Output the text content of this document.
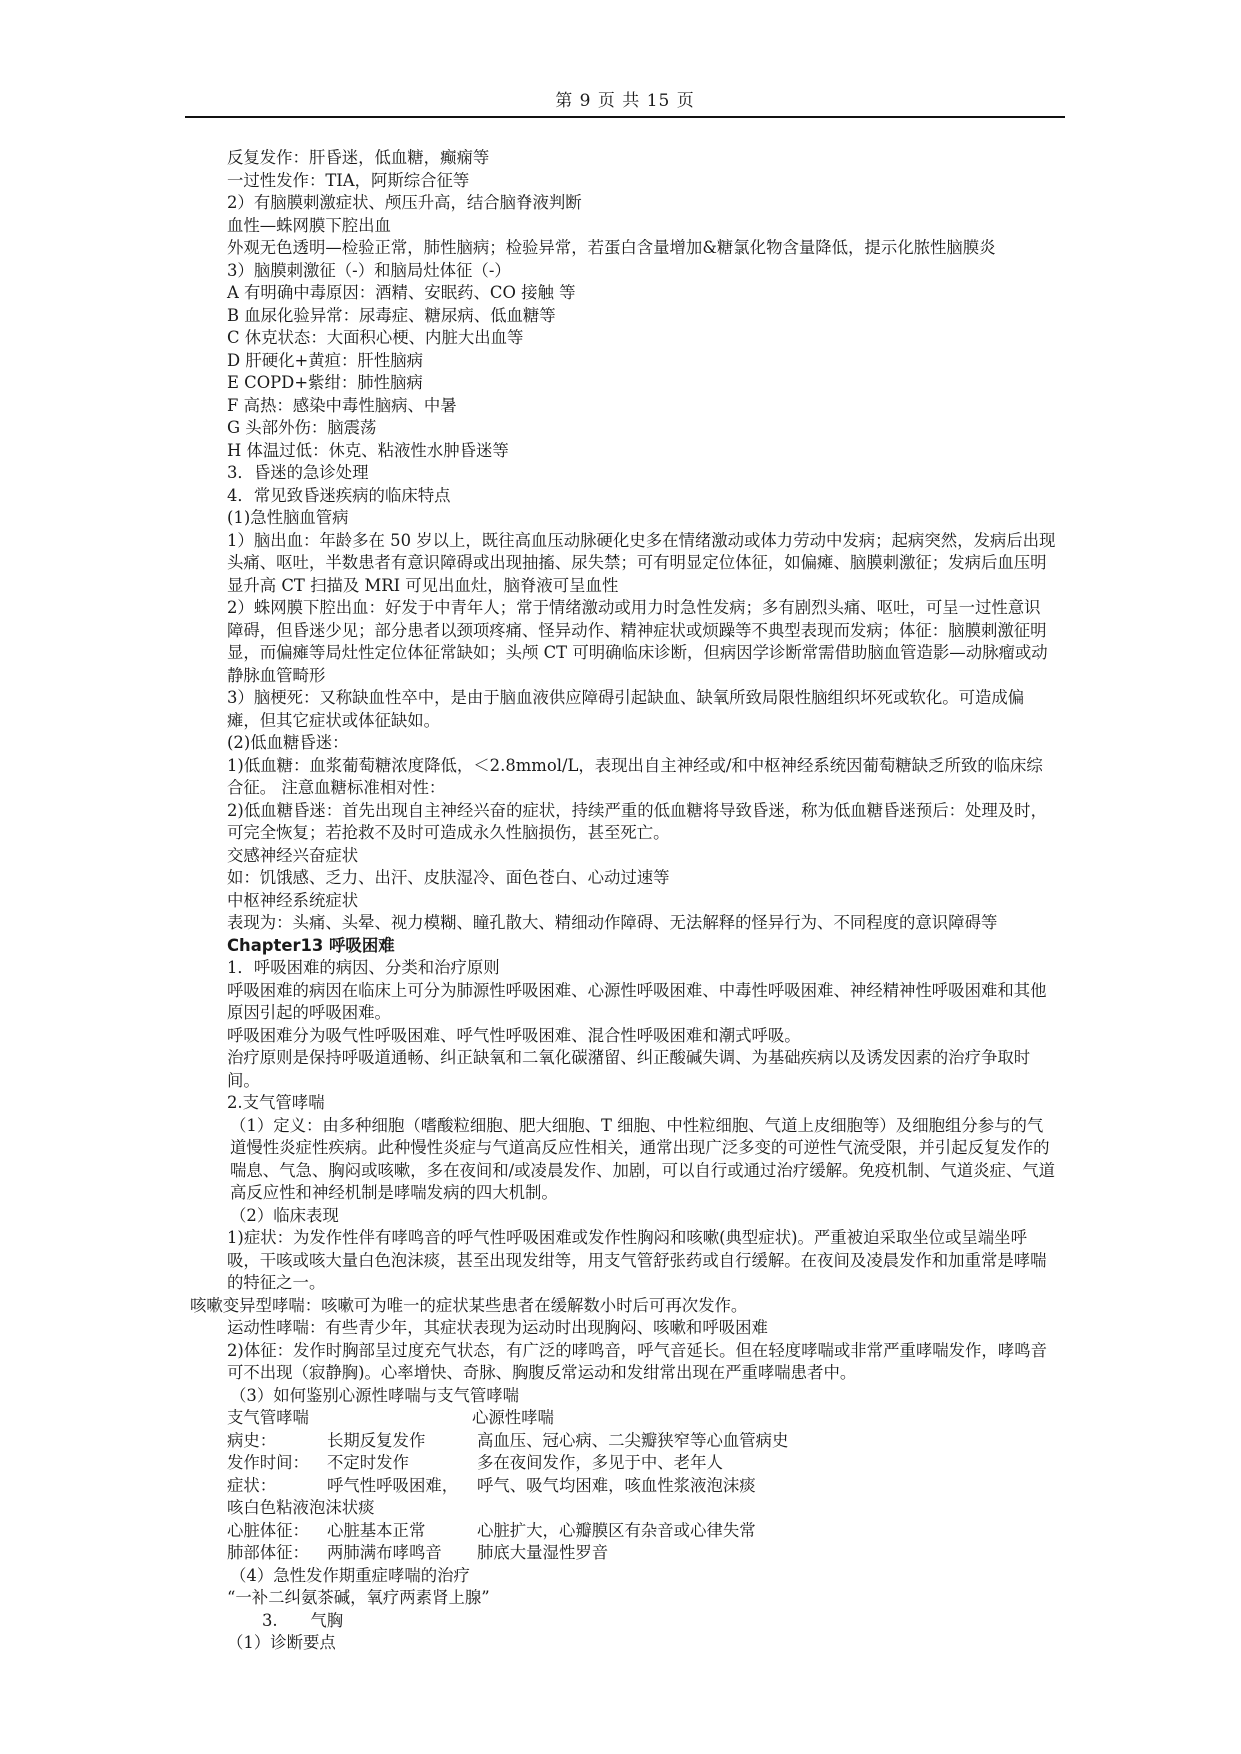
第 9 页 共 15 页
反复发作：肝昏迷，低血糖，癫痫等
一过性发作：TIA，阿斯综合征等
2）有脑膜刺激症状、颅压升高，结合脑脊液判断
血性—蛛网膜下腔出血
外观无色透明—检验正常，肺性脑病；检验异常，若蛋白含量增加&糖氯化物含量降低，提示化脓性脑膜炎
3）脑膜刺激征（-）和脑局灶体征（-）
A 有明确中毒原因：酒精、安眠药、CO 接触 等
B 血尿化验异常：尿毒症、糖尿病、低血糖等
C 休克状态：大面积心梗、内脏大出血等
D 肝硬化+黄疸：肝性脑病
E COPD+紫绀：肺性脑病
F 高热：感染中毒性脑病、中暑
G 头部外伤：脑震荡
H 体温过低：休克、粘液性水肿昏迷等
3．昏迷的急诊处理
4．常见致昏迷疾病的临床特点
(1)急性脑血管病
1）脑出血：年龄多在 50 岁以上，既往高血压动脉硬化史多在情绪激动或体力劳动中发病；起病突然，发病后出现头痛、呕吐，半数患者有意识障碍或出现抽搐、尿失禁；可有明显定位体征，如偏瘫、脑膜刺激征；发病后血压明显升高 CT 扫描及 MRI 可见出血灶，脑脊液可呈血性
2）蛛网膜下腔出血：好发于中青年人；常于情绪激动或用力时急性发病；多有剧烈头痛、呕吐，可呈一过性意识障碍，但昏迷少见；部分患者以颈项疼痛、怪异动作、精神症状或烦躁等不典型表现而发病；体征：脑膜刺激征明显，而偏瘫等局灶性定位体征常缺如；头颅 CT 可明确临床诊断，但病因学诊断常需借助脑血管造影—动脉瘤或动静脉血管畸形
3）脑梗死：又称缺血性卒中，是由于脑血液供应障碍引起缺血、缺氧所致局限性脑组织坏死或软化。可造成偏瘫，但其它症状或体征缺如。
(2)低血糖昏迷：
1)低血糖：血浆葡萄糖浓度降低，＜2.8mmol/L，表现出自主神经或/和中枢神经系统因葡萄糖缺乏所致的临床综合征。 注意血糖标准相对性：
2)低血糖昏迷：首先出现自主神经兴奋的症状，持续严重的低血糖将导致昏迷，称为低血糖昏迷预后：处理及时，可完全恢复；若抢救不及时可造成永久性脑损伤，甚至死亡。
交感神经兴奋症状
如：饥饿感、乏力、出汗、皮肤湿冷、面色苍白、心动过速等
中枢神经系统症状
表现为：头痛、头晕、视力模糊、瞳孔散大、精细动作障碍、无法解释的怪异行为、不同程度的意识障碍等
Chapter13 呼吸困难
1．呼吸困难的病因、分类和治疗原则
呼吸困难的病因在临床上可分为肺源性呼吸困难、心源性呼吸困难、中毒性呼吸困难、神经精神性呼吸困难和其他原因引起的呼吸困难。
呼吸困难分为吸气性呼吸困难、呼气性呼吸困难、混合性呼吸困难和潮式呼吸。
治疗原则是保持呼吸道通畅、纠正缺氧和二氧化碳潴留、纠正酸碱失调、为基础疾病以及诱发因素的治疗争取时间。
2.支气管哮喘
（1）定义：由多种细胞（嗜酸粒细胞、肥大细胞、T 细胞、中性粒细胞、气道上皮细胞等）及细胞组分参与的气道慢性炎症性疾病。此种慢性炎症与气道高反应性相关，通常出现广泛多变的可逆性气流受限，并引起反复发作的喘息、气急、胸闷或咳嗽，多在夜间和/或凌晨发作、加剧，可以自行或通过治疗缓解。免疫机制、气道炎症、气道高反应性和神经机制是哮喘发病的四大机制。
（2）临床表现
1)症状：为发作性伴有哮鸣音的呼气性呼吸困难或发作性胸闷和咳嗽(典型症状)。严重被迫采取坐位或呈端坐呼吸，干咳或咳大量白色泡沫痰，甚至出现发绀等，用支气管舒张药或自行缓解。在夜间及凌晨发作和加重常是哮喘的特征之一。
咳嗽变异型哮喘：咳嗽可为唯一的症状某些患者在缓解数小时后可再次发作。
运动性哮喘：有些青少年，其症状表现为运动时出现胸闷、咳嗽和呼吸困难
2)体征：发作时胸部呈过度充气状态，有广泛的哮鸣音，呼气音延长。但在轻度哮喘或非常严重哮喘发作，哮鸣音可不出现（寂静胸)。心率增快、奇脉、胸腹反常运动和发绀常出现在严重哮喘患者中。
（3）如何鉴别心源性哮喘与支气管哮喘
支气管哮喘	心源性哮喘
病史：	长期反复发作	高血压、冠心病、二尖瓣狭窄等心血管病史
发作时间：	不定时发作	多在夜间发作，多见于中、老年人
症状：	呼气性呼吸困难，	呼气、吸气均困难，咳血性浆液泡沫痰
咳白色粘液泡沫状痰
心脏体征：	心脏基本正常	心脏扩大，心瓣膜区有杂音或心律失常
肺部体征：	两肺满布哮鸣音	肺底大量湿性罗音
（4）急性发作期重症哮喘的治疗
“一补二纠氨茶碱，氧疗两素肾上腺”
3.　　气胸
（1）诊断要点
